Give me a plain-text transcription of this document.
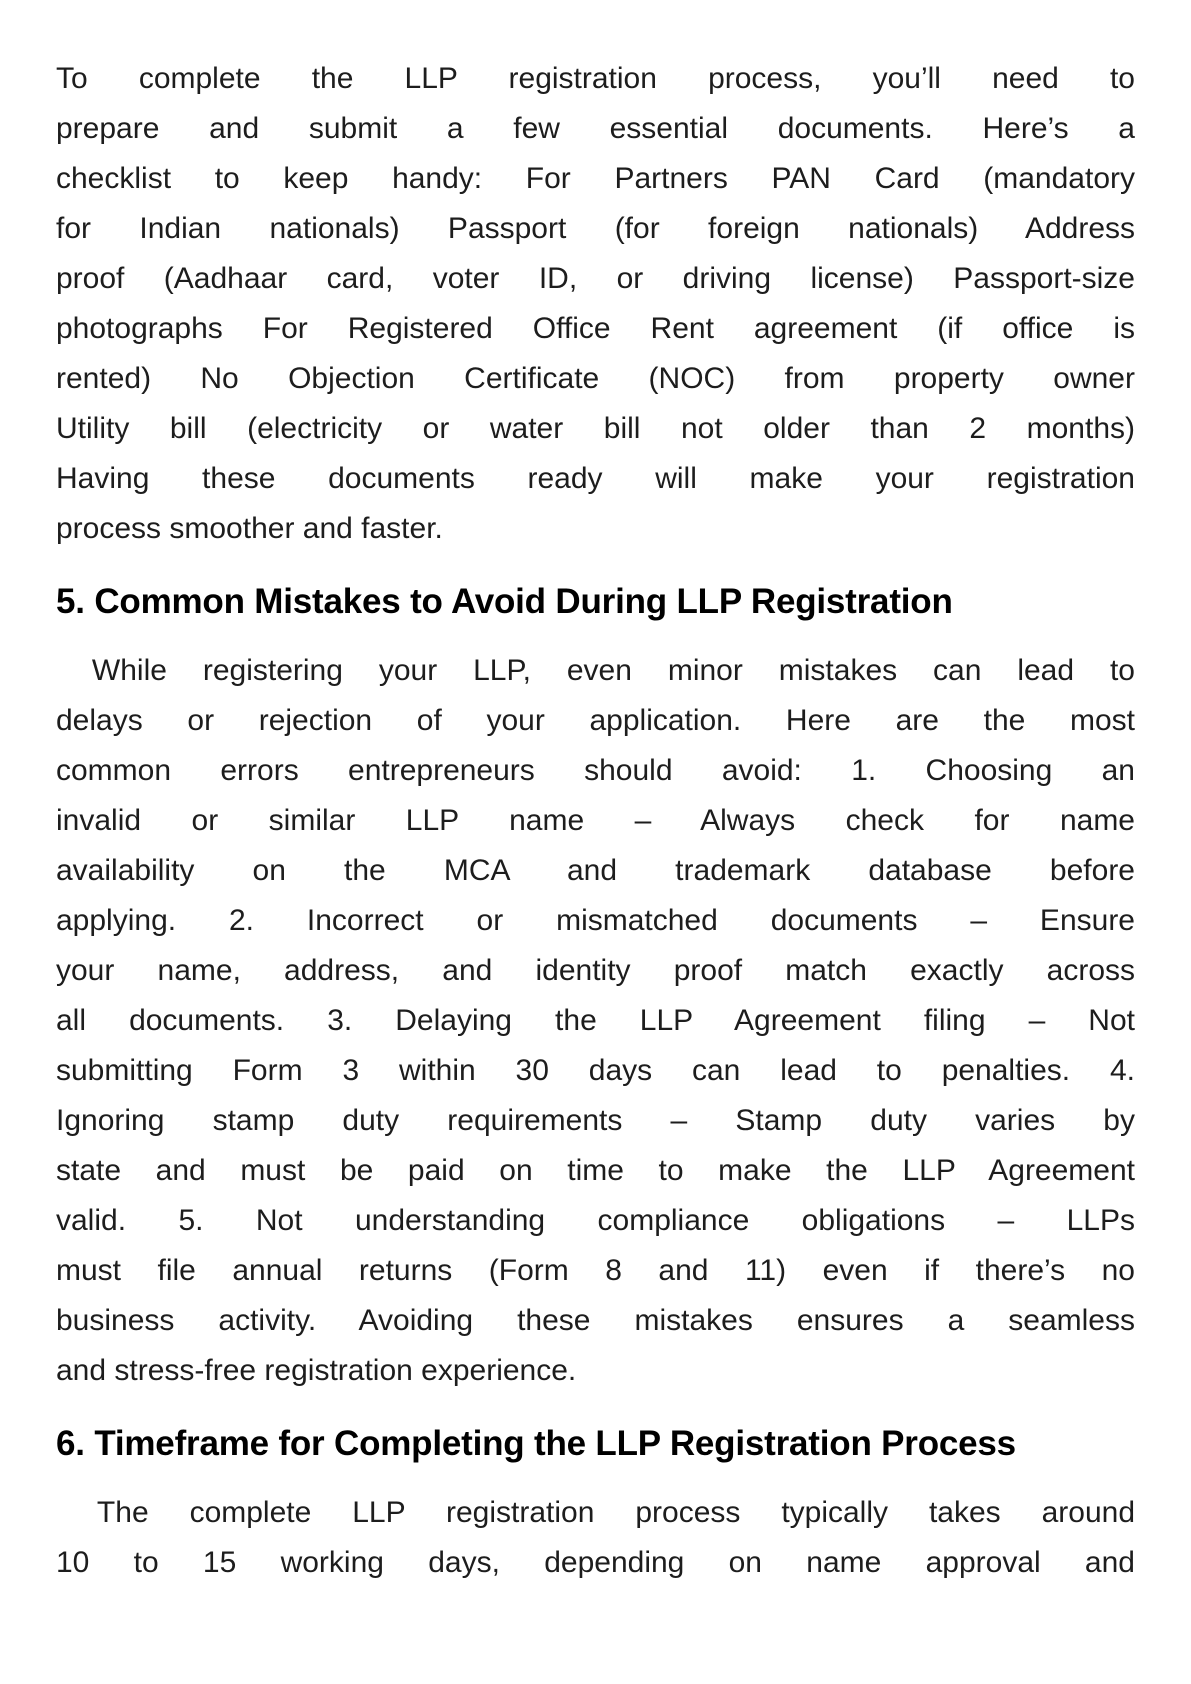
To complete the LLP registration process, you’ll need to
prepare and submit a few essential documents. Here’s a
checklist to keep handy: For Partners PAN Card (mandatory
for Indian nationals) Passport (for foreign nationals) Address
proof (Aadhaar card, voter ID, or driving license) Passport-size
photographs For Registered Office Rent agreement (if office is
rented) No Objection Certificate (NOC) from property owner
Utility bill (electricity or water bill not older than 2 months)
Having these documents ready will make your registration
process smoother and faster.
5. Common Mistakes to Avoid During LLP Registration
While registering your LLP, even minor mistakes can lead to
delays or rejection of your application. Here are the most
common errors entrepreneurs should avoid: 1. Choosing an
invalid or similar LLP name – Always check for name
availability on the MCA and trademark database before
applying. 2. Incorrect or mismatched documents – Ensure
your name, address, and identity proof match exactly across
all documents. 3. Delaying the LLP Agreement filing – Not
submitting Form 3 within 30 days can lead to penalties. 4.
Ignoring stamp duty requirements – Stamp duty varies by
state and must be paid on time to make the LLP Agreement
valid. 5. Not understanding compliance obligations – LLPs
must file annual returns (Form 8 and 11) even if there’s no
business activity. Avoiding these mistakes ensures a seamless
and stress-free registration experience.
6. Timeframe for Completing the LLP Registration Process
The complete LLP registration process typically takes around
10 to 15 working days, depending on name approval and
